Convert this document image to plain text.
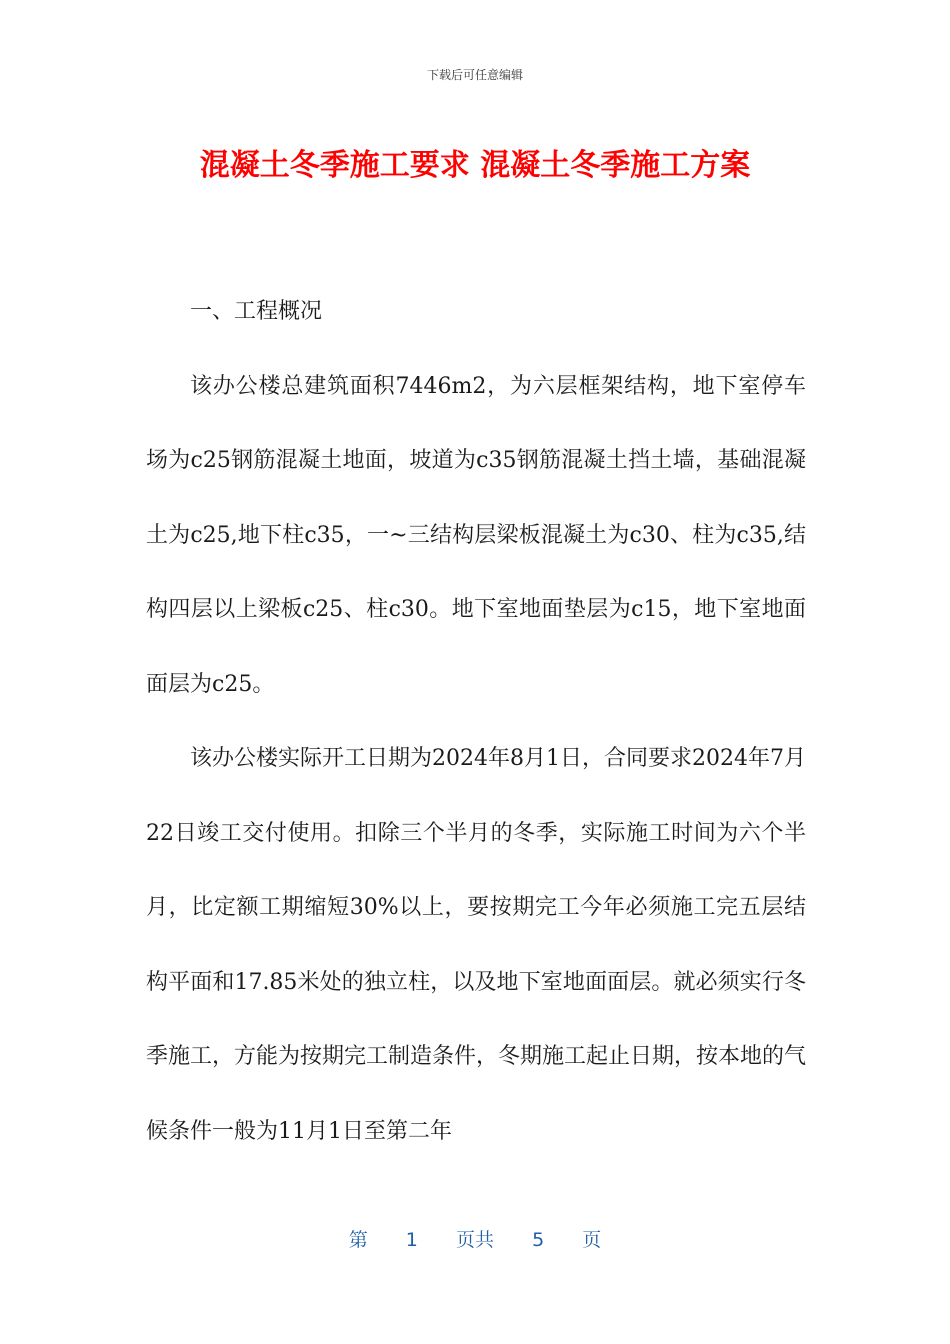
下载后可任意编辑
混凝土冬季施工要求 混凝土冬季施工方案

一、工程概况

该办公楼总建筑面积7446m2，为六层框架结构，地下室停车场为c25钢筋混凝土地面，坡道为c35钢筋混凝土挡土墙，基础混凝土为c25,地下柱c35，一~三结构层梁板混凝土为c30、柱为c35,结构四层以上梁板c25、柱c30。地下室地面垫层为c15，地下室地面面层为c25。

该办公楼实际开工日期为2024年8月1日，合同要求2024年7月22日竣工交付使用。扣除三个半月的冬季，实际施工时间为六个半月，比定额工期缩短30%以上，要按期完工今年必须施工完五层结构平面和17.85米处的独立柱，以及地下室地面面层。就必须实行冬季施工，方能为按期完工制造条件，冬期施工起止日期，按本地的气候条件一般为11月1日至第二年

第 1 页共 5 页
